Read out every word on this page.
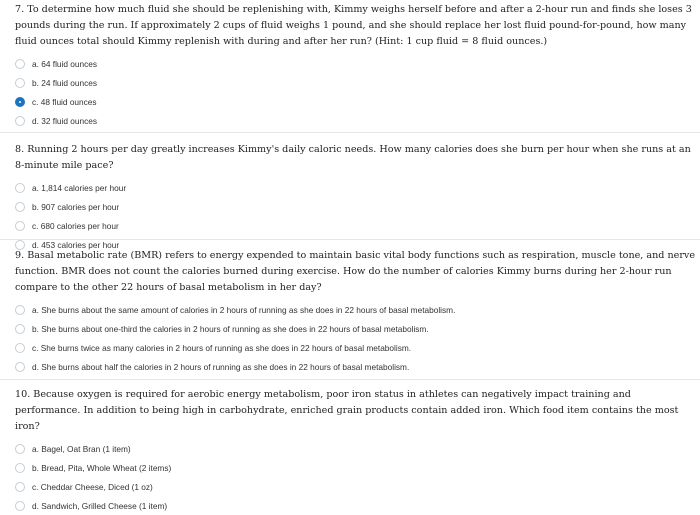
7. To determine how much fluid she should be replenishing with, Kimmy weighs herself before and after a 2-hour run and finds she loses 3 pounds during the run. If approximately 2 cups of fluid weighs 1 pound, and she should replace her lost fluid pound-for-pound, how many fluid ounces total should Kimmy replenish with during and after her run? (Hint: 1 cup fluid = 8 fluid ounces.)

a. 64 fluid ounces
b. 24 fluid ounces
c. 48 fluid ounces
d. 32 fluid ounces

8. Running 2 hours per day greatly increases Kimmy's daily caloric needs. How many calories does she burn per hour when she runs at an 8-minute mile pace?

a. 1,814 calories per hour
b. 907 calories per hour
c. 680 calories per hour
d. 453 calories per hour

9. Basal metabolic rate (BMR) refers to energy expended to maintain basic vital body functions such as respiration, muscle tone, and nerve function. BMR does not count the calories burned during exercise. How do the number of calories Kimmy burns during her 2-hour run compare to the other 22 hours of basal metabolism in her day?

a. She burns about the same amount of calories in 2 hours of running as she does in 22 hours of basal metabolism.
b. She burns about one-third the calories in 2 hours of running as she does in 22 hours of basal metabolism.
c. She burns twice as many calories in 2 hours of running as she does in 22 hours of basal metabolism.
d. She burns about half the calories in 2 hours of running as she does in 22 hours of basal metabolism.

10. Because oxygen is required for aerobic energy metabolism, poor iron status in athletes can negatively impact training and performance. In addition to being high in carbohydrate, enriched grain products contain added iron. Which food item contains the most iron?

a. Bagel, Oat Bran (1 item)
b. Bread, Pita, Whole Wheat (2 items)
c. Cheddar Cheese, Diced (1 oz)
d. Sandwich, Grilled Cheese (1 item)
